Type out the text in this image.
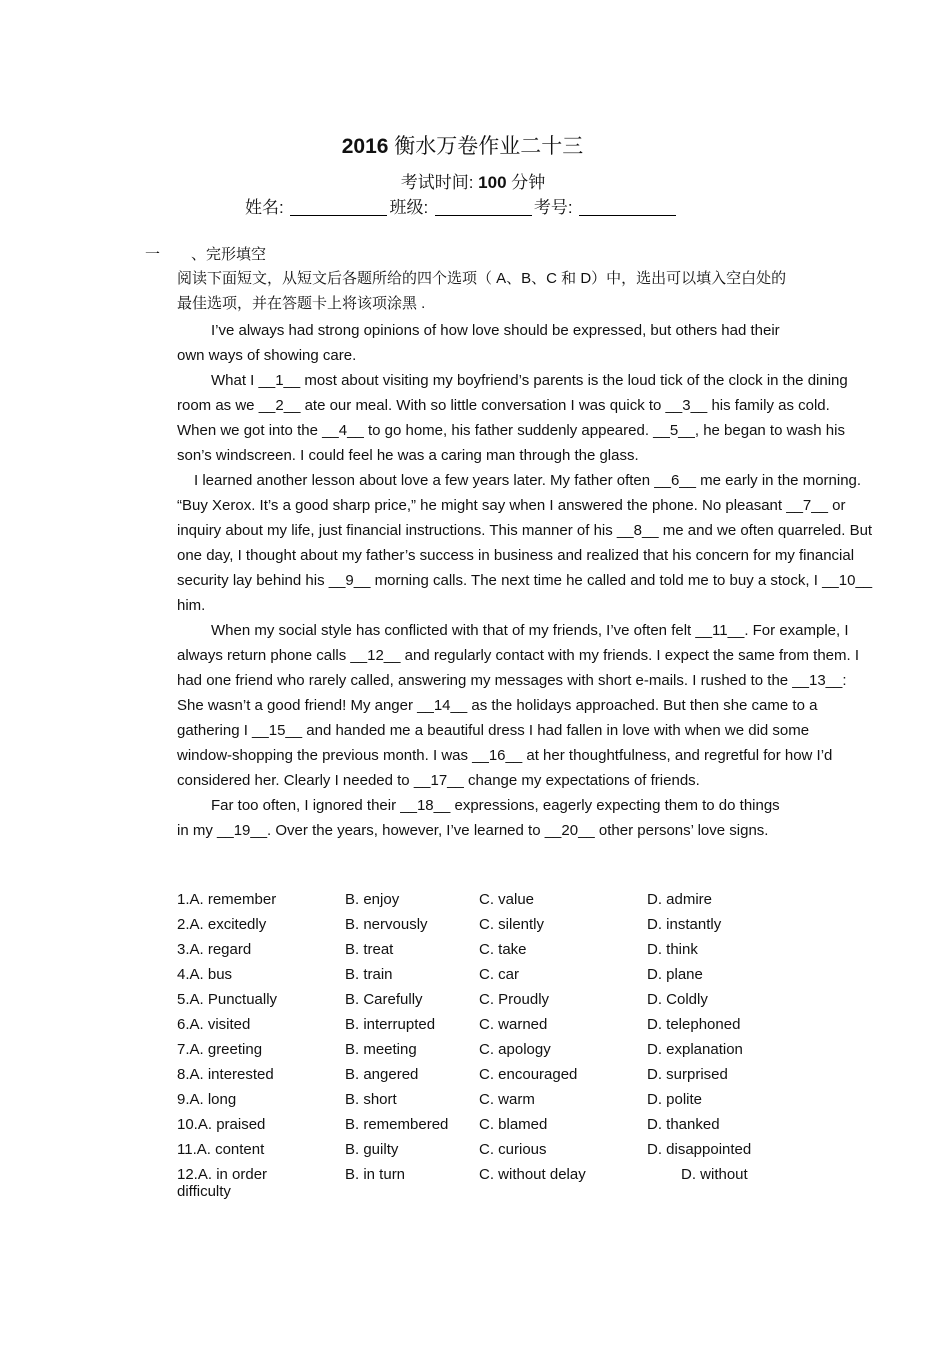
2016 衡水万卷作业二十三
考试时间: 100 分钟
姓名:	班级:	考号:
一 、完形填空

阅读下面短文，从短文后各题所给的四个选项（ A、B、C 和 D）中，选出可以填入空白处的最佳选项，并在答题卡上将该项涂黑 .

I’ve always had strong opinions of how love should be expressed, but others had their own ways of showing care.

What I __1__ most about visiting my boyfriend’s parents is the loud tick of the clock in the dining room as we __2__ ate our meal. With so little conversation I was quick to __3__ his family as cold. When we got into the __4__ to go home, his father suddenly appeared. __5__, he began to wash his son’s windscreen. I could feel he was a caring man through the glass.

I learned another lesson about love a few years later. My father often __6__ me early in the morning. “Buy Xerox. It’s a good sharp price,” he might say when I answered the phone. No pleasant __7__ or inquiry about my life, just financial instructions. This manner of his __8__ me and we often quarreled. But one day, I thought about my father’s success in business and realized that his concern for my financial security lay behind his __9__ morning calls. The next time he called and told me to buy a stock, I __10__ him.

When my social style has conflicted with that of my friends, I’ve often felt __11__. For example, I always return phone calls __12__ and regularly contact with my friends. I expect the same from them. I had one friend who rarely called, answering my messages with short e-mails. I rushed to the __13__: She wasn’t a good friend! My anger __14__ as the holidays approached. But then she came to a gathering I __15__ and handed me a beautiful dress I had fallen in love with when we did some window-shopping the previous month. I was __16__ at her thoughtfulness, and regretful for how I’d considered her. Clearly I needed to __17__ change my expectations of friends.

Far too often, I ignored their __18__ expressions, eagerly expecting them to do things in my __19__. Over the years, however, I’ve learned to __20__ other persons’ love signs.

1.A. remember	B. enjoy	C. value	D. admire
2.A. excitedly	B. nervously	C. silently	D. instantly
3.A. regard	B. treat	C. take	D. think
4.A. bus	B. train	C. car	D. plane
5.A. Punctually	B. Carefully	C. Proudly	D. Coldly
6.A. visited	B. interrupted	C. warned	D. telephoned
7.A. greeting	B. meeting	C. apology	D. explanation
8.A. interested	B. angered	C. encouraged	D. surprised
9.A. long	B. short	C. warm	D. polite
10.A. praised	B. remembered C. blamed	D. thanked
11.A. content	B. guilty	C. curious	D. disappointed
12.A. in order	B. in turn	C. without delay	D. without difficulty
